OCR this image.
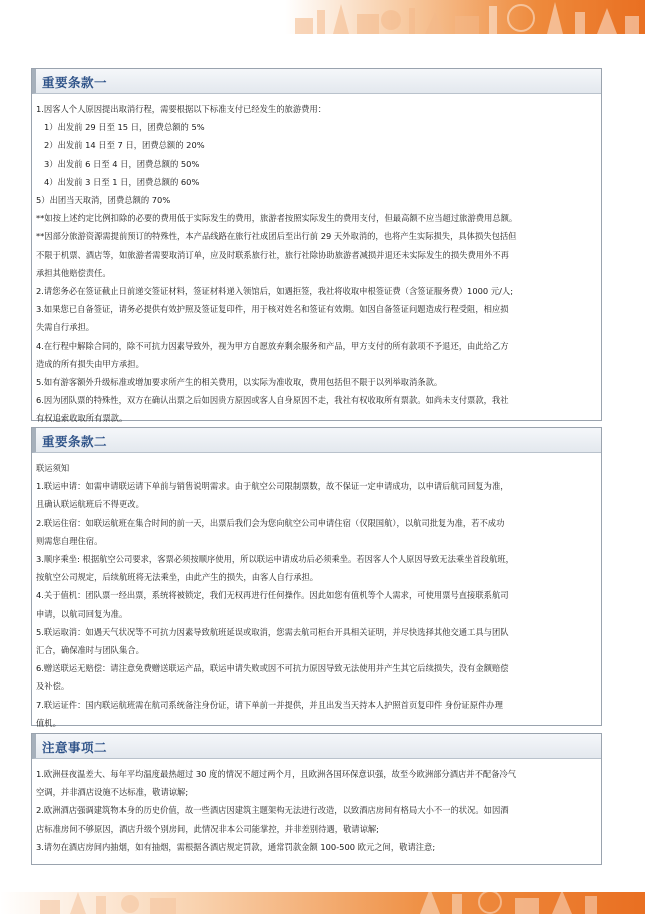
重要条款一
1.因客人个人原因提出取消行程，需要根据以下标准支付已经发生的旅游费用：
1）出发前 29 日至 15 日，团费总额的 5%
2）出发前 14 日至 7 日，团费总额的 20%
3）出发前 6 日至 4 日，团费总额的 50%
4）出发前 3 日至 1 日，团费总额的 60%
5）出团当天取消，团费总额的 70%
**如按上述约定比例扣除的必要的费用低于实际发生的费用，旅游者按照实际发生的费用支付，但最高额不应当超过旅游费用总额。
**因部分旅游资源需提前预订的特殊性，本产品线路在旅行社成团后至出行前 29 天外取消的，也将产生实际损失，具体损失包括但
不限于机票、酒店等，如旅游者需要取消订单，应及时联系旅行社，旅行社除协助旅游者减损并退还未实际发生的损失费用外不再
承担其他赔偿责任。
2.请您务必在签证截止日前递交签证材料，签证材料递入领馆后，如遇拒签，我社将收取申根签证费（含签证服务费）1000 元/人;
3.如果您已自备签证，请务必提供有效护照及签证复印件，用于核对姓名和签证有效期。如因自备签证问题造成行程受阻，相应损
失需自行承担。
4.在行程中解除合同的，除不可抗力因素导致外，视为甲方自愿放弃剩余服务和产品，甲方支付的所有款项不予退还，由此给乙方
造成的所有损失由甲方承担。
5.如有游客额外升级标准或增加要求所产生的相关费用，以实际为准收取，费用包括但不限于以列举取消条款。
6.因为团队票的特殊性，双方在确认出票之后如因贵方原因或客人自身原因不走，我社有权收取所有票款。如尚未支付票款，我社
有权追索收取所有票款。
重要条款二
联运须知
1.联运申请：如需申请联运请下单前与销售说明需求。由于航空公司限制票数，故不保证一定申请成功，以申请后航司回复为准，
且确认联运航班后不得更改。
2.联运住宿：如联运航班在集合时间的前一天，出票后我们会为您向航空公司申请住宿（仅限国航），以航司批复为准，若不成功
则需您自理住宿。
3.顺序乘坐: 根据航空公司要求，客票必须按顺序使用，所以联运申请成功后必须乘坐。若因客人个人原因导致无法乘坐首段航班，
按航空公司规定，后续航班将无法乘坐，由此产生的损失，由客人自行承担。
4.关于值机：团队票一经出票，系统将被锁定，我们无权再进行任何操作。因此如您有值机等个人需求，可使用票号直接联系航司
申请，以航司回复为准。
5.联运取消：如遇天气状况等不可抗力因素导致航班延误或取消，您需去航司柜台开具相关证明，并尽快选择其他交通工具与团队
汇合，确保准时与团队集合。
6.赠送联运无赔偿：请注意免费赠送联运产品，联运申请失败或因不可抗力原因导致无法使用并产生其它后续损失，没有金额赔偿
及补偿。
7.联运证件：国内联运航班需在航司系统备注身份证，请下单前一并提供，并且出发当天持本人护照首页复印件 身份证原件办理
值机。
注意事项二
1.欧洲昼夜温差大、每年平均温度最热超过 30 度的情况不超过两个月，且欧洲各国环保意识强，故至今欧洲部分酒店并不配备冷气
空调，并非酒店设施不达标准，敬请谅解;
2.欧洲酒店强调建筑物本身的历史价值，故一些酒店因建筑主题架构无法进行改造，以致酒店房间有格局大小不一的状况。如因酒
店标准房间不够原因，酒店升级个别房间，此情况非本公司能掌控，并非差别待遇，敬请谅解;
3.请勿在酒店房间内抽烟，如有抽烟，需根据各酒店规定罚款，通常罚款金额 100-500 欧元之间，敬请注意;
